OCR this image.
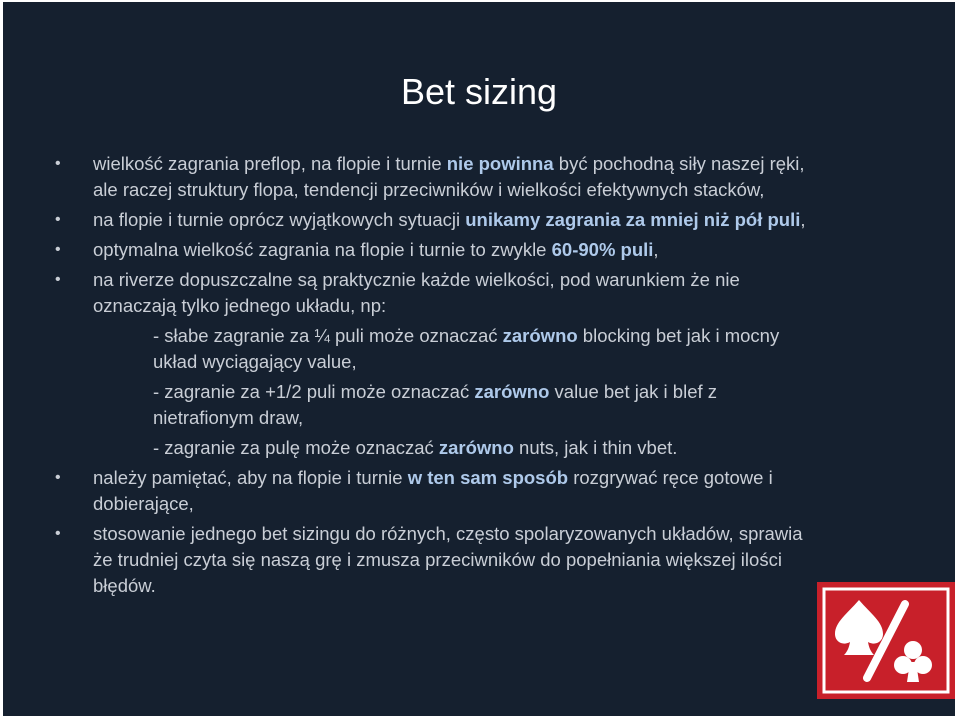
Bet sizing
• wielkość zagrania preflop, na flopie i turnie nie powinna być pochodną siły naszej ręki, ale raczej struktury flopa, tendencji przeciwników i wielkości efektywnych stacków,
• na flopie i turnie oprócz wyjątkowych sytuacji unikamy zagrania za mniej niż pół puli,
• optymalna wielkość zagrania na flopie i turnie to zwykle 60-90% puli,
• na riverze dopuszczalne są praktycznie każde wielkości, pod warunkiem że nie oznaczają tylko jednego układu, np:
- słabe zagranie za ¼ puli może oznaczać zarówno blocking bet jak i mocny układ wyciągający value,
- zagranie za +1/2 puli może oznaczać zarówno value bet jak i blef z nietrafionym draw,
- zagranie za pulę może oznaczać zarówno nuts, jak i thin vbet.
• należy pamiętać, aby na flopie i turnie w ten sam sposób rozgrywać ręce gotowe i dobierające,
• stosowanie jednego bet sizingu do różnych, często spolaryzowanych układów, sprawia że trudniej czyta się naszą grę i zmusza przeciwników do popełniania większej ilości błędów.
